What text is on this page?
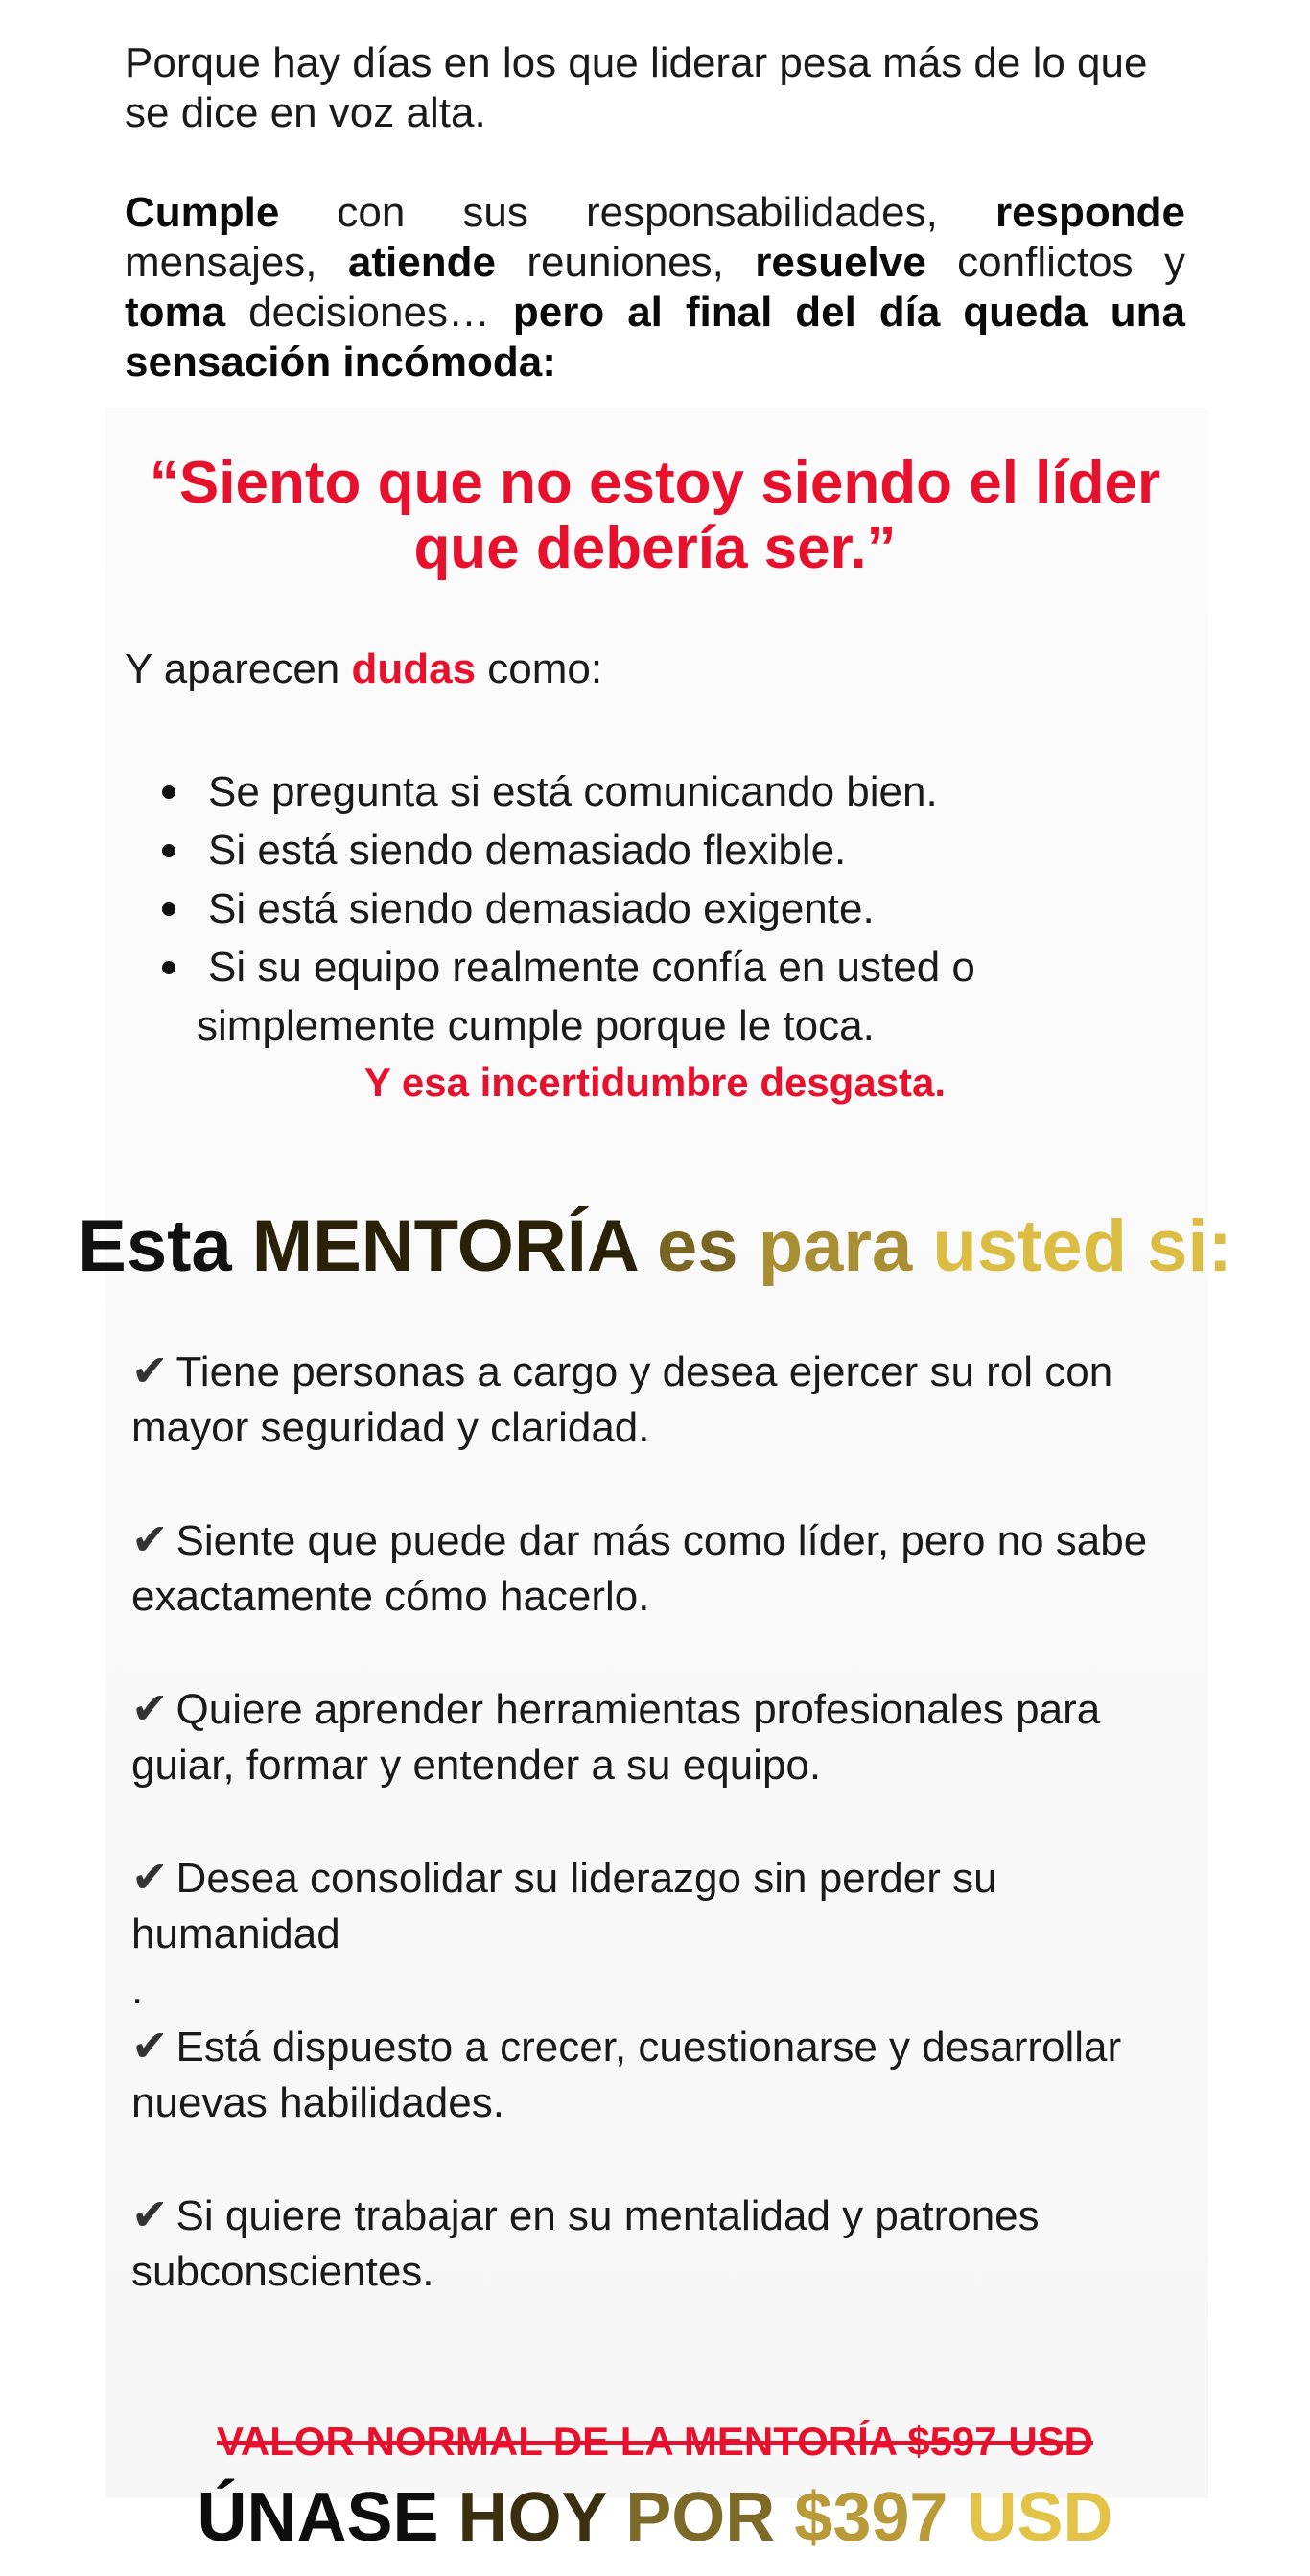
Porque hay días en los que liderar pesa más de lo que se dice en voz alta.

Cumple con sus responsabilidades, responde mensajes, atiende reuniones, resuelve conflictos y toma decisiones… pero al final del día queda una sensación incómoda:

“Siento que no estoy siendo el líder que debería ser.”
Y aparecen dudas como:
Se pregunta si está comunicando bien.
Si está siendo demasiado flexible.
Si está siendo demasiado exigente.
Si su equipo realmente confía en usted o
simplemente cumple porque le toca.
Y esa incertidumbre desgasta.
Esta MENTORÍA es para usted si:

✔ Tiene personas a cargo y desea ejercer su rol con mayor seguridad y claridad.

✔ Siente que puede dar más como líder, pero no sabe exactamente cómo hacerlo.

✔ Quiere aprender herramientas profesionales para guiar, formar y entender a su equipo.

✔ Desea consolidar su liderazgo sin perder su humanidad

.

✔ Está dispuesto a crecer, cuestionarse y desarrollar nuevas habilidades.

✔ Si quiere trabajar en su mentalidad y patrones subconscientes.

VALOR NORMAL DE LA MENTORÍA $597 USD
ÚNASE HOY POR $397 USD
